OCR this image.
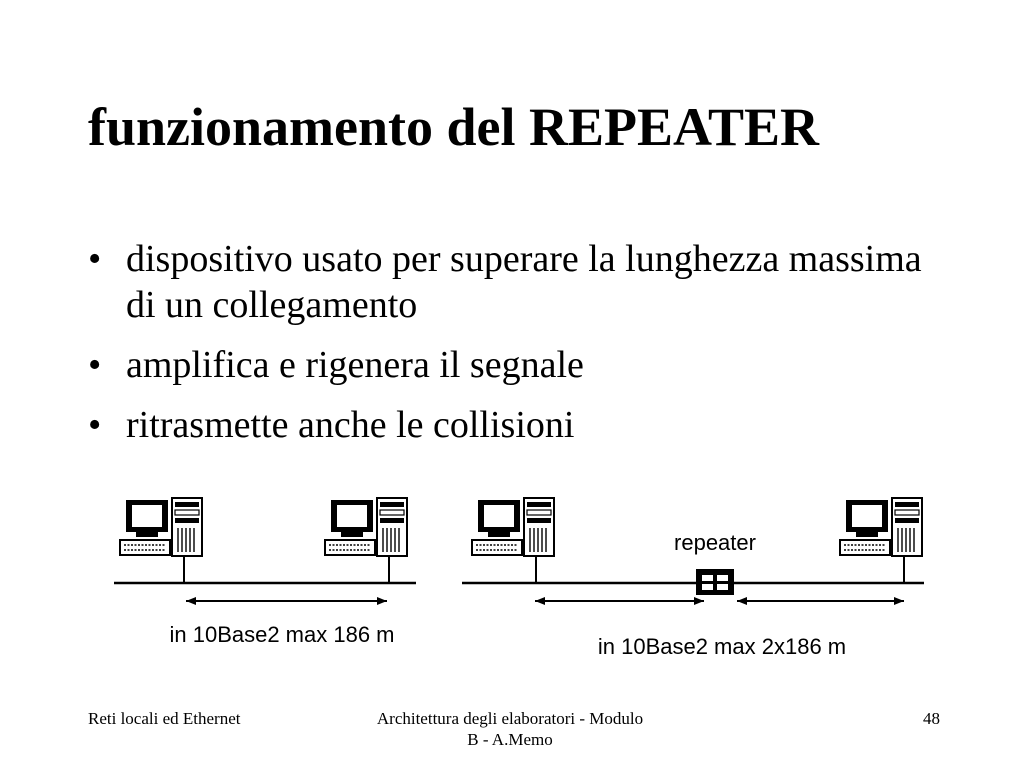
funzionamento del REPEATER
• dispositivo usato per superare la lunghezza massima di un collegamento
• amplifica e rigenera il segnale
• ritrasmette anche le collisioni
in 10Base2 max 186 m
repeater
in 10Base2 max 2x186 m
Reti locali ed Ethernet	Architettura degli elaboratori - Modulo B - A.Memo
48
